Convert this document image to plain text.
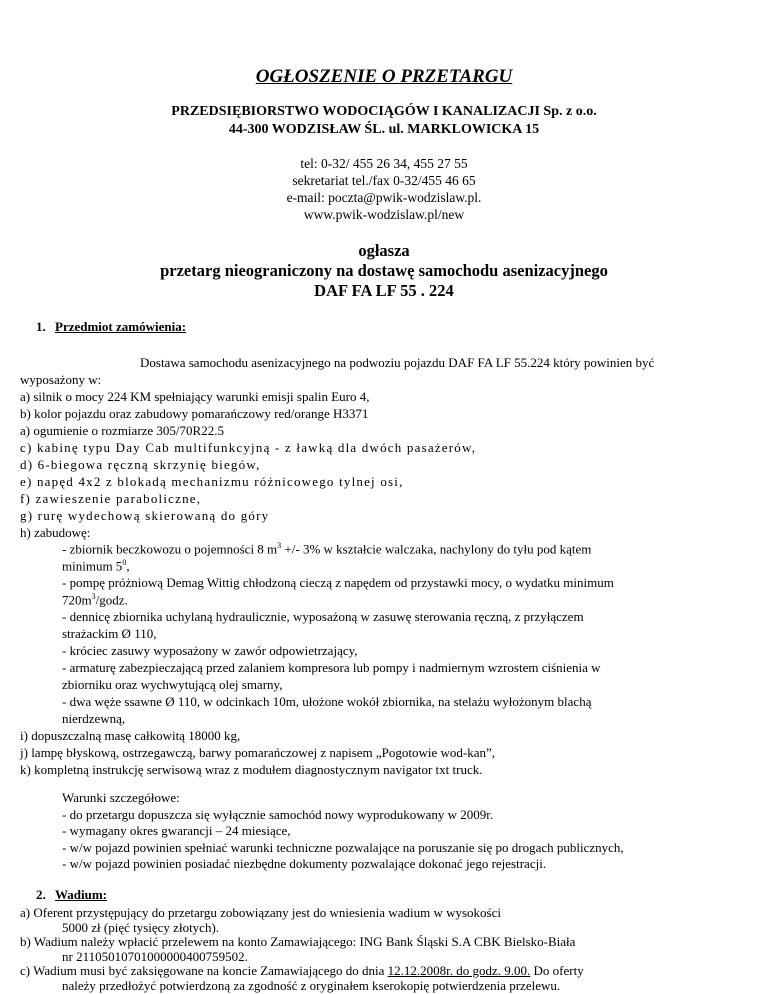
OGŁOSZENIE O PRZETARGU
PRZEDSIĘBIORSTWO WODOCIĄGÓW I KANALIZACJI Sp. z o.o.
44-300 WODZISŁAW ŚL. ul. MARKLOWICKA 15
tel: 0-32/ 455 26 34, 455 27 55
sekretariat tel./fax 0-32/455 46 65
e-mail: poczta@pwik-wodzislaw.pl.
www.pwik-wodzislaw.pl/new
ogłasza
przetarg nieograniczony na dostawę samochodu asenizacyjnego
DAF FA LF 55 . 224
1. Przedmiot zamówienia:
Dostawa samochodu asenizacyjnego na podwoziu pojazdu DAF FA LF 55.224 który powinien być
wyposażony w:
a) silnik o mocy 224 KM spełniający warunki emisji spalin Euro 4,
b) kolor pojazdu oraz zabudowy pomarańczowy red/orange H3371
a) ogumienie o rozmiarze 305/70R22.5
c) kabinę typu Day Cab multifunkcyjną - z ławką dla dwóch pasażerów,
d) 6-biegowa ręczną skrzynię biegów,
e) napęd 4x2 z blokadą mechanizmu różnicowego tylnej osi,
f) zawieszenie paraboliczne,
g) rurę wydechową skierowaną do góry
h) zabudowę:
- zbiornik beczkowozu o pojemności 8 $m^3$ +/- 3% w kształcie walczaka, nachylony do tyłu pod kątem
minimum $5^0$,
- pompę próżniową Demag Wittig chłodzoną cieczą z napędem od przystawki mocy, o wydatku minimum
$720m^3$/godz.
- dennicę zbiornika uchylaną hydraulicznie, wyposażoną w zasuwę sterowania ręczną, z przyłączem
strażackim Ø 110,
- króciec zasuwy wyposażony w zawór odpowietrzający,
- armaturę zabezpieczającą przed zalaniem kompresora lub pompy i nadmiernym wzrostem ciśnienia w
zbiorniku oraz wychwytującą olej smarny,
- dwa węże ssawne Ø 110, w odcinkach 10m, ułożone wokół zbiornika, na stelażu wyłożonym blachą
nierdzewną,
i) dopuszczalną masę całkowitą 18000 kg,
j) lampę błyskową, ostrzegawczą, barwy pomarańczowej z napisem „Pogotowie wod-kan”,
k) kompletną instrukcję serwisową wraz z modułem diagnostycznym navigator txt truck.
Warunki szczegółowe:
- do przetargu dopuszcza się wyłącznie samochód nowy wyprodukowany w 2009r.
- wymagany okres gwarancji – 24 miesiące,
- w/w pojazd powinien spełniać warunki techniczne pozwalające na poruszanie się po drogach publicznych,
- w/w pojazd powinien posiadać niezbędne dokumenty pozwalające dokonać jego rejestracji.
2. Wadium:
a) Oferent przystępujący do przetargu zobowiązany jest do wniesienia wadium w wysokości
5000 zł (pięć tysięcy złotych).
b) Wadium należy wpłacić przelewem na konto Zamawiającego: ING Bank Śląski S.A CBK Bielsko-Biała
nr 21105010701000000400759502.
c) Wadium musi być zaksięgowane na koncie Zamawiającego do dnia 12.12.2008r. do godz. 9.00. Do oferty
należy przedłożyć potwierdzoną za zgodność z oryginałem kserokopię potwierdzenia przelewu.
